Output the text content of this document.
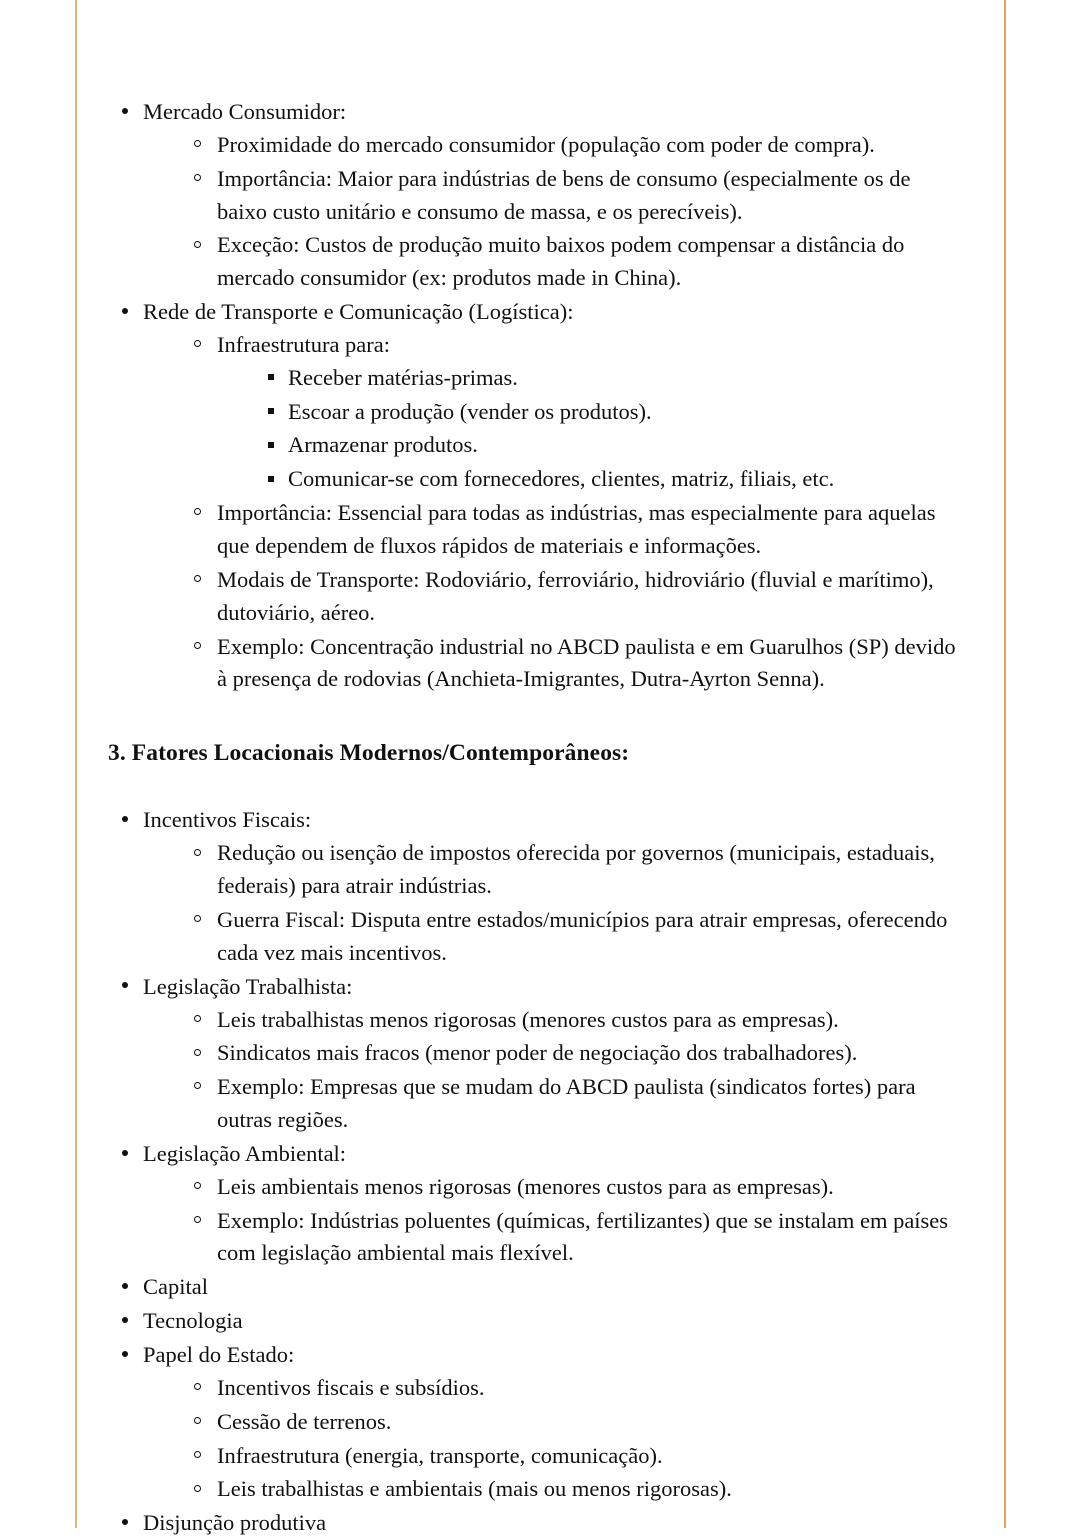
Mercado Consumidor:
Proximidade do mercado consumidor (população com poder de compra).
Importância: Maior para indústrias de bens de consumo (especialmente os de baixo custo unitário e consumo de massa, e os perecíveis).
Exceção: Custos de produção muito baixos podem compensar a distância do mercado consumidor (ex: produtos made in China).
Rede de Transporte e Comunicação (Logística):
Infraestrutura para:
Receber matérias-primas.
Escoar a produção (vender os produtos).
Armazenar produtos.
Comunicar-se com fornecedores, clientes, matriz, filiais, etc.
Importância: Essencial para todas as indústrias, mas especialmente para aquelas que dependem de fluxos rápidos de materiais e informações.
Modais de Transporte: Rodoviário, ferroviário, hidroviário (fluvial e marítimo), dutoviário, aéreo.
Exemplo: Concentração industrial no ABCD paulista e em Guarulhos (SP) devido à presença de rodovias (Anchieta-Imigrantes, Dutra-Ayrton Senna).
3. Fatores Locacionais Modernos/Contemporâneos:
Incentivos Fiscais:
Redução ou isenção de impostos oferecida por governos (municipais, estaduais, federais) para atrair indústrias.
Guerra Fiscal: Disputa entre estados/municípios para atrair empresas, oferecendo cada vez mais incentivos.
Legislação Trabalhista:
Leis trabalhistas menos rigorosas (menores custos para as empresas).
Sindicatos mais fracos (menor poder de negociação dos trabalhadores).
Exemplo: Empresas que se mudam do ABCD paulista (sindicatos fortes) para outras regiões.
Legislação Ambiental:
Leis ambientais menos rigorosas (menores custos para as empresas).
Exemplo: Indústrias poluentes (químicas, fertilizantes) que se instalam em países com legislação ambiental mais flexível.
Capital
Tecnologia
Papel do Estado:
Incentivos fiscais e subsídios.
Cessão de terrenos.
Infraestrutura (energia, transporte, comunicação).
Leis trabalhistas e ambientais (mais ou menos rigorosas).
Disjunção produtiva
